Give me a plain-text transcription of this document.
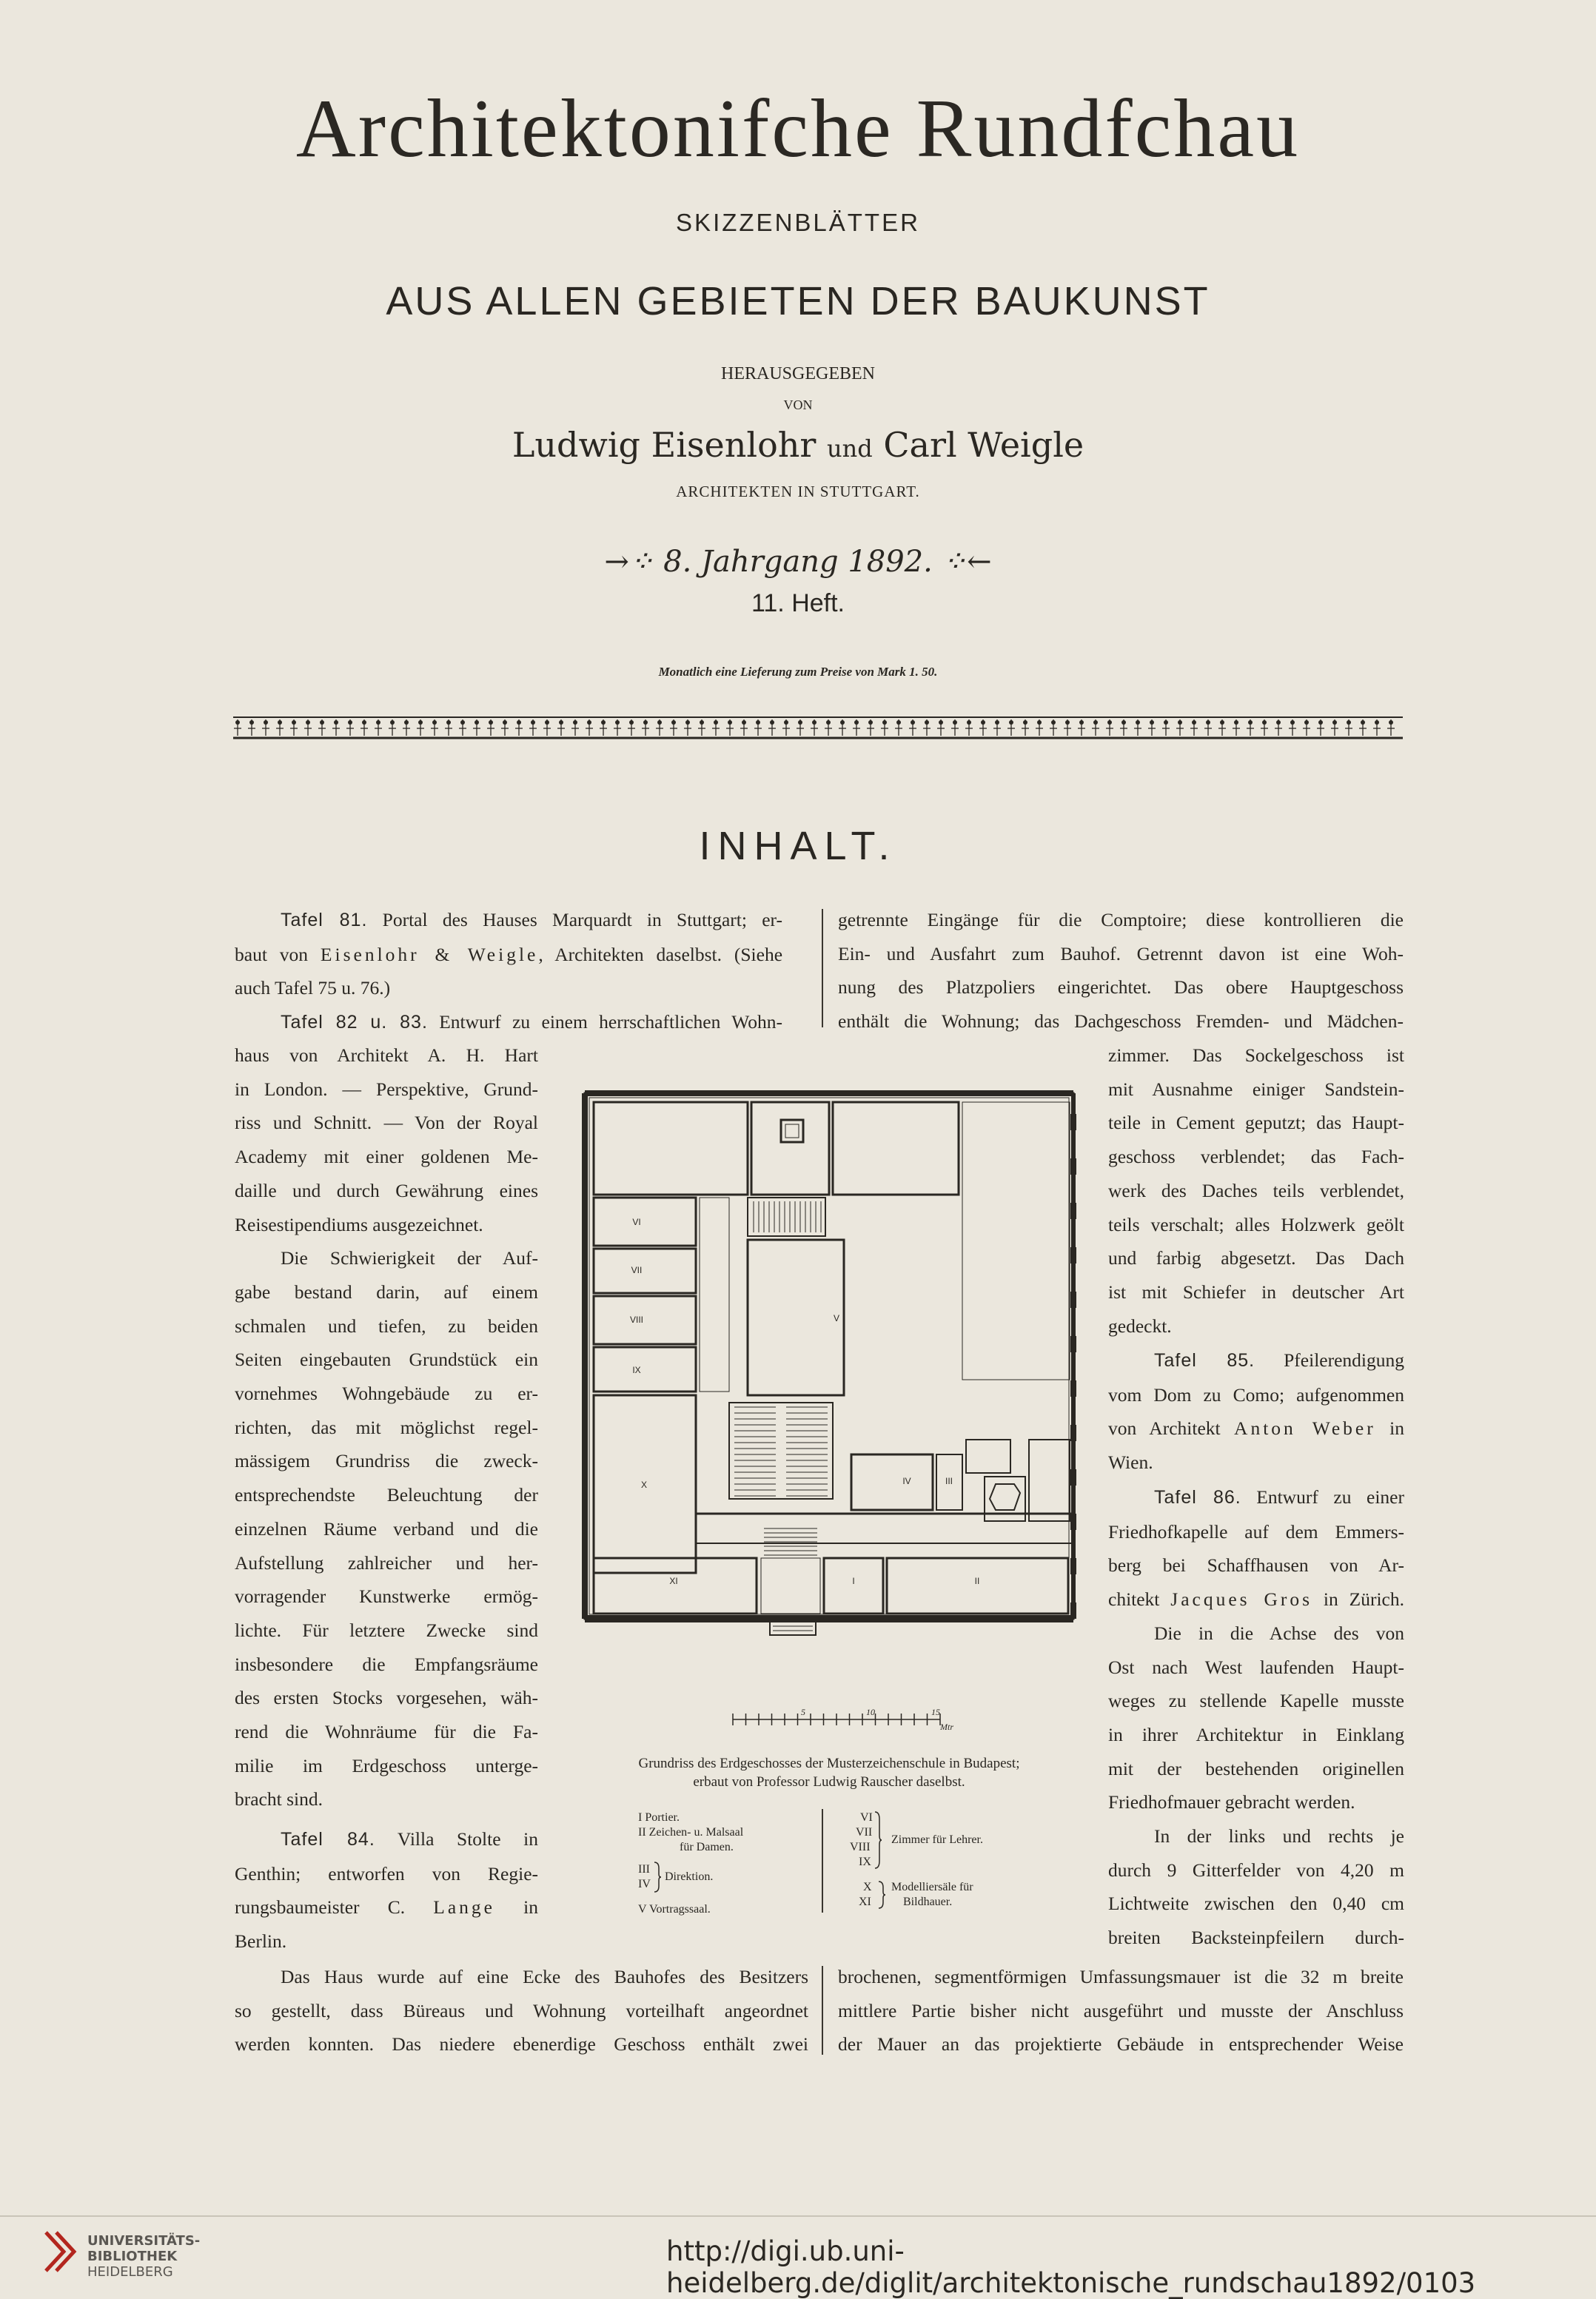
Architektonifche Rundfchau
SKIZZENBLÄTTER
AUS ALLEN GEBIETEN DER BAUKUNST
HERAUSGEGEBEN
VON
Ludwig Eisenlohr und Carl Weigle
ARCHITEKTEN IN STUTTGART.
→⁘ 8. Jahrgang 1892. ⁘←
11. Heft.
Monatlich eine Lieferung zum Preise von Mark 1. 50.
INHALT.

Tafel 81. Portal des Hauses Marquardt in Stuttgart; er-

baut von Eisenlohr & Weigle, Architekten daselbst. (Siehe

auch Tafel 75 u. 76.)

Tafel 82 u. 83. Entwurf zu einem herrschaftlichen Wohn-

getrennte Eingänge für die Comptoire; diese kontrollieren die

Ein- und Ausfahrt zum Bauhof. Getrennt davon ist eine Woh-

nung des Platzpoliers eingerichtet. Das obere Hauptgeschoss

enthält die Wohnung; das Dachgeschoss Fremden- und Mädchen-

haus von Architekt A. H. Hart

in London. — Perspektive, Grund-

riss und Schnitt. — Von der Royal

Academy mit einer goldenen Me-

daille und durch Gewährung eines

Reisestipendiums ausgezeichnet.

Die Schwierigkeit der Auf-

gabe bestand darin, auf einem

schmalen und tiefen, zu beiden

Seiten eingebauten Grundstück ein

vornehmes Wohngebäude zu er-

richten, das mit möglichst regel-

mässigem Grundriss die zweck-

entsprechendste Beleuchtung der

einzelnen Räume verband und die

Aufstellung zahlreicher und her-

vorragender Kunstwerke ermög-

lichte. Für letztere Zwecke sind

insbesondere die Empfangsräume

des ersten Stocks vorgesehen, wäh-

rend die Wohnräume für die Fa-

milie im Erdgeschoss unterge-

bracht sind.

Tafel 84. Villa Stolte in

Genthin; entworfen von Regie-

rungsbaumeister C. Lange in

Berlin.

zimmer. Das Sockelgeschoss ist

mit Ausnahme einiger Sandstein-

teile in Cement geputzt; das Haupt-

geschoss verblendet; das Fach-

werk des Daches teils verblendet,

teils verschalt; alles Holzwerk geölt

und farbig abgesetzt. Das Dach

ist mit Schiefer in deutscher Art

gedeckt.

Tafel 85. Pfeilerendigung

vom Dom zu Como; aufgenommen

von Architekt Anton Weber in

Wien.

Tafel 86. Entwurf zu einer

Friedhofkapelle auf dem Emmers-

berg bei Schaffhausen von Ar-

chitekt Jacques Gros in Zürich.

Die in die Achse des von

Ost nach West laufenden Haupt-

weges zu stellende Kapelle musste

in ihrer Architektur in Einklang

mit der bestehenden originellen

Friedhofmauer gebracht werden.

In der links und rechts je

durch 9 Gitterfelder von 4,20 m

Lichtweite zwischen den 0,40 cm

breiten Backsteinpfeilern durch-

Das Haus wurde auf eine Ecke des Bauhofes des Besitzers

so gestellt, dass Büreaus und Wohnung vorteilhaft angeordnet

werden konnten. Das niedere ebenerdige Geschoss enthält zwei

brochenen, segmentförmigen Umfassungsmauer ist die 32 m breite

mittlere Partie bisher nicht ausgeführt und musste der Anschluss

der Mauer an das projektierte Gebäude in entsprechender Weise

VI
VII
VIII
IX
V
X	IV	III
XI	I	II
5	10	15
Mtr
Grundriss des Erdgeschosses der Musterzeichenschule in Budapest;
erbaut von Professor Ludwig Rauscher daselbst.
I Portier.
II Zeichen- u. Malsaal
für Damen.
III
IV
Direktion.
V Vortragssaal.
VI
VII
VIII
IX
Zimmer für Lehrer.
X
XI
Modelliersäle für
Bildhauer.
UNIVERSITÄTS-
BIBLIOTHEK
HEIDELBERG
http://digi.ub.uni-heidelberg.de/diglit/architektonische_rundschau1892/0103
